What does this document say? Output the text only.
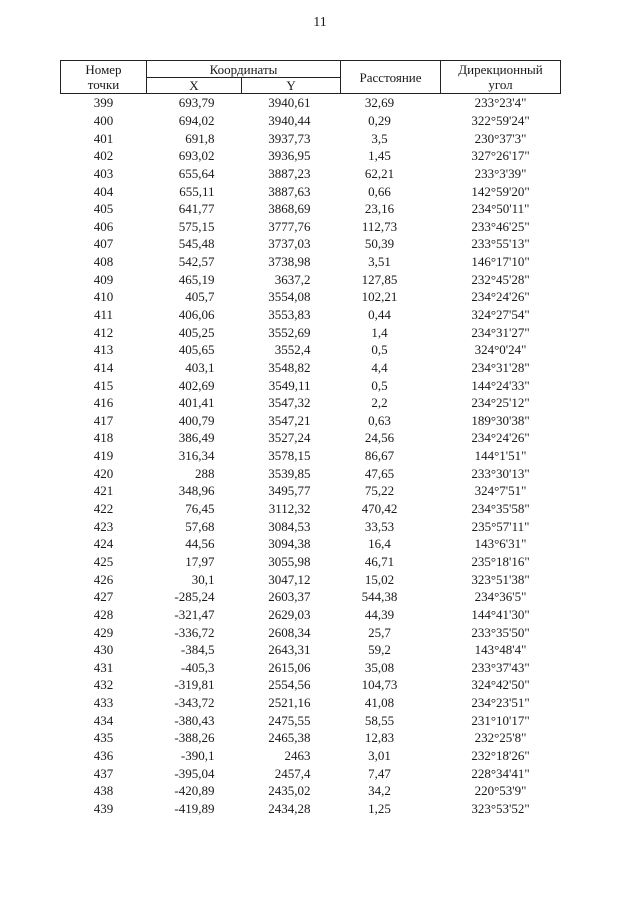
11
Номер
точки	Координаты		Расстояние	Дирекционный
угол
	X	Y		
399	693,79	3940,61	32,69	233°23'4"
400	694,02	3940,44	0,29	322°59'24"
401	691,8	3937,73	3,5	230°37'3"
402	693,02	3936,95	1,45	327°26'17"
403	655,64	3887,23	62,21	233°3'39"
404	655,11	3887,63	0,66	142°59'20"
405	641,77	3868,69	23,16	234°50'11"
406	575,15	3777,76	112,73	233°46'25"
407	545,48	3737,03	50,39	233°55'13"
408	542,57	3738,98	3,51	146°17'10"
409	465,19	3637,2	127,85	232°45'28"
410	405,7	3554,08	102,21	234°24'26"
411	406,06	3553,83	0,44	324°27'54"
412	405,25	3552,69	1,4	234°31'27"
413	405,65	3552,4	0,5	324°0'24"
414	403,1	3548,82	4,4	234°31'28"
415	402,69	3549,11	0,5	144°24'33"
416	401,41	3547,32	2,2	234°25'12"
417	400,79	3547,21	0,63	189°30'38"
418	386,49	3527,24	24,56	234°24'26"
419	316,34	3578,15	86,67	144°1'51"
420	288	3539,85	47,65	233°30'13"
421	348,96	3495,77	75,22	324°7'51"
422	76,45	3112,32	470,42	234°35'58"
423	57,68	3084,53	33,53	235°57'11"
424	44,56	3094,38	16,4	143°6'31"
425	17,97	3055,98	46,71	235°18'16"
426	30,1	3047,12	15,02	323°51'38"
427	-285,24	2603,37	544,38	234°36'5"
428	-321,47	2629,03	44,39	144°41'30"
429	-336,72	2608,34	25,7	233°35'50"
430	-384,5	2643,31	59,2	143°48'4"
431	-405,3	2615,06	35,08	233°37'43"
432	-319,81	2554,56	104,73	324°42'50"
433	-343,72	2521,16	41,08	234°23'51"
434	-380,43	2475,55	58,55	231°10'17"
435	-388,26	2465,38	12,83	232°25'8"
436	-390,1	2463	3,01	232°18'26"
437	-395,04	2457,4	7,47	228°34'41"
438	-420,89	2435,02	34,2	220°53'9"
439	-419,89	2434,28	1,25	323°53'52"
